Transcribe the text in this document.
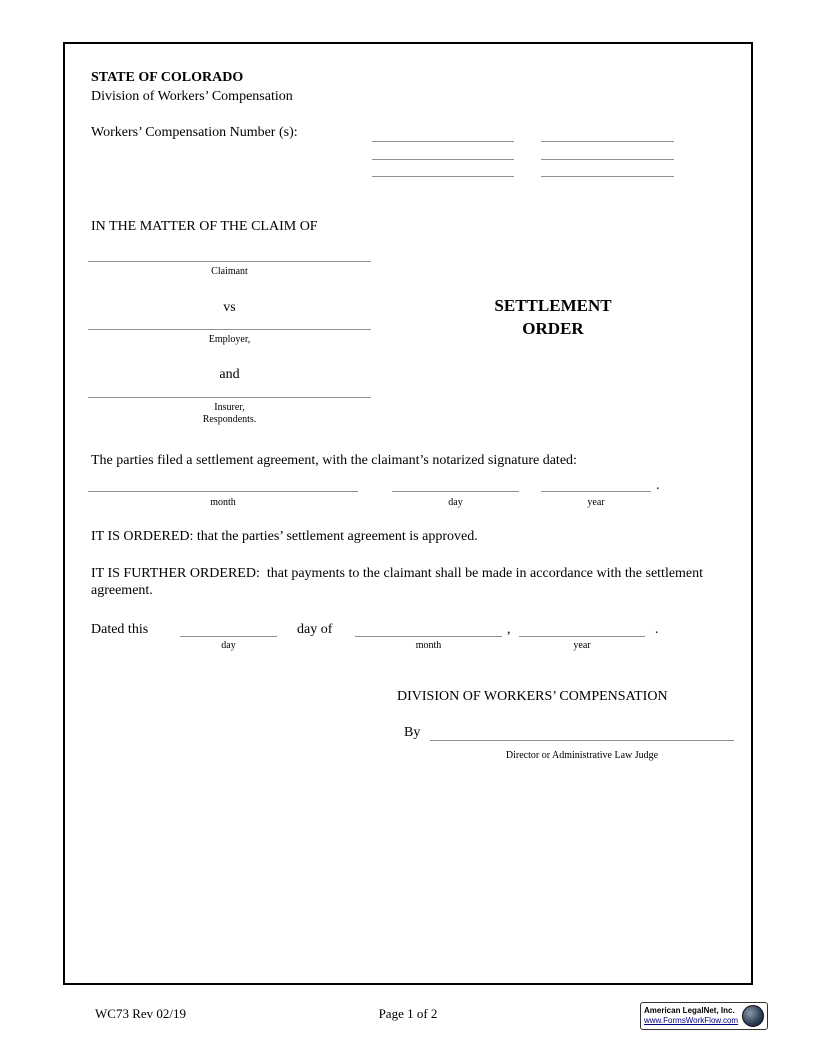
STATE OF COLORADO
Division of Workers’ Compensation
Workers’ Compensation Number (s):
IN THE MATTER OF THE CLAIM OF
Claimant
vs
Employer,
and
Insurer,
Respondents.
SETTLEMENT
ORDER
The parties filed a settlement agreement, with the claimant’s notarized signature dated:
.
month	day	year
IT IS ORDERED: that the parties’ settlement agreement is approved.
IT IS FURTHER ORDERED:  that payments to the claimant shall be made in accordance with the settlement agreement.
Dated this	day of	,	.
day	month	year
DIVISION OF WORKERS’ COMPENSATION
By
Director or Administrative Law Judge
WC73 Rev 02/19	Page 1 of 2	American LegalNet, Inc.
www.FormsWorkFlow.com
